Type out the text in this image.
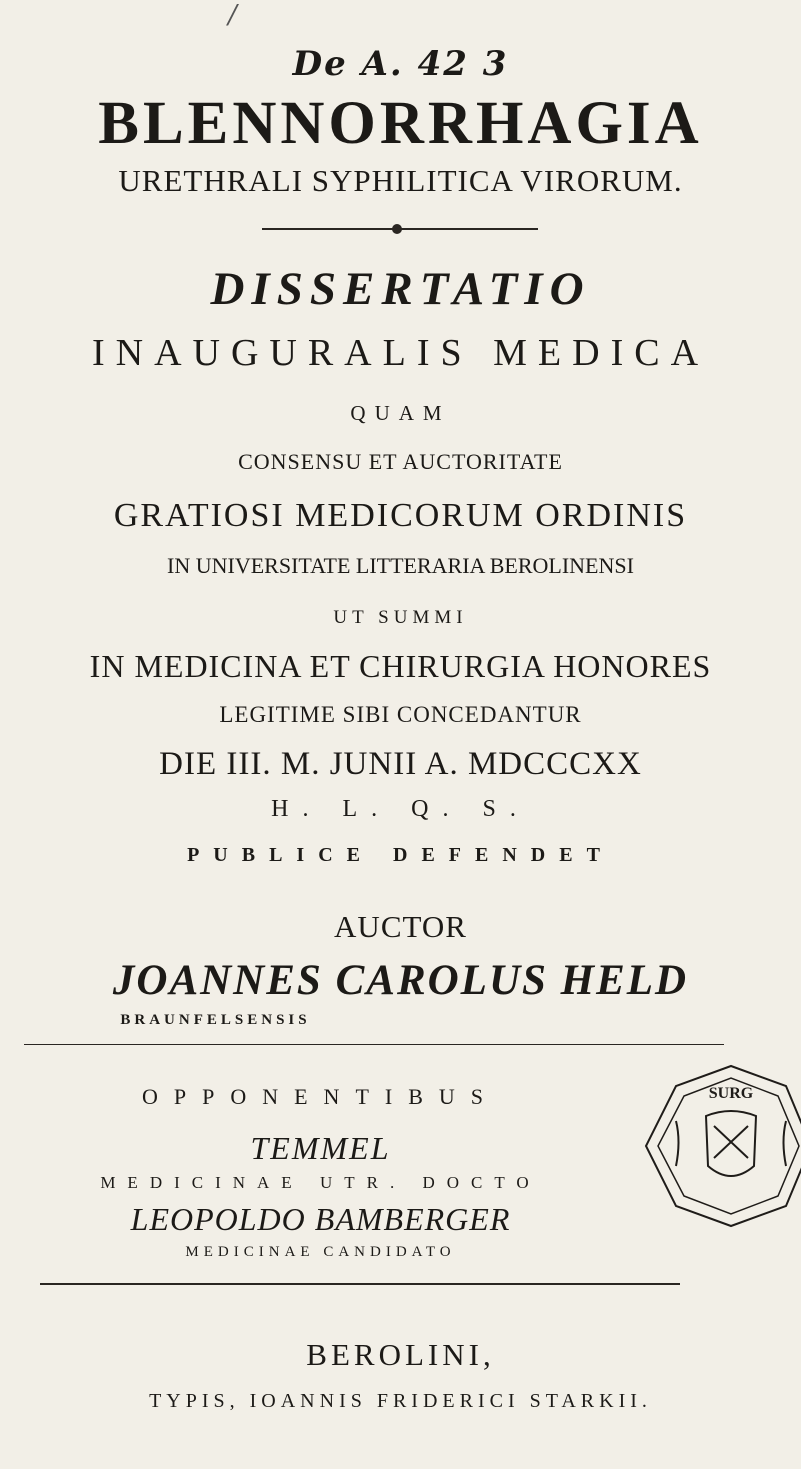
/
De A. 42 3
BLENNORRHAGIA
URETHRALI SYPHILITICA VIRORUM.
DISSERTATIO
INAUGURALIS MEDICA
QUAM
CONSENSU ET AUCTORITATE
GRATIOSI MEDICORUM ORDINIS
IN UNIVERSITATE LITTERARIA BEROLINENSI
UT SUMMI
IN MEDICINA ET CHIRURGIA HONORES
LEGITIME SIBI CONCEDANTUR
DIE III. M. JUNII A. MDCCCXX
H. L. Q. S.
PUBLICE DEFENDET
AUCTOR
JOANNES CAROLUS HELD
BRAUNFELSENSIS
OPPONENTIBUS
TEMMEL
MEDICINAE UTR. DOCTO
LEOPOLDO BAMBERGER
MEDICINAE CANDIDATO
BEROLINI,
TYPIS, IOANNIS FRIDERICI STARKII.
SURG
